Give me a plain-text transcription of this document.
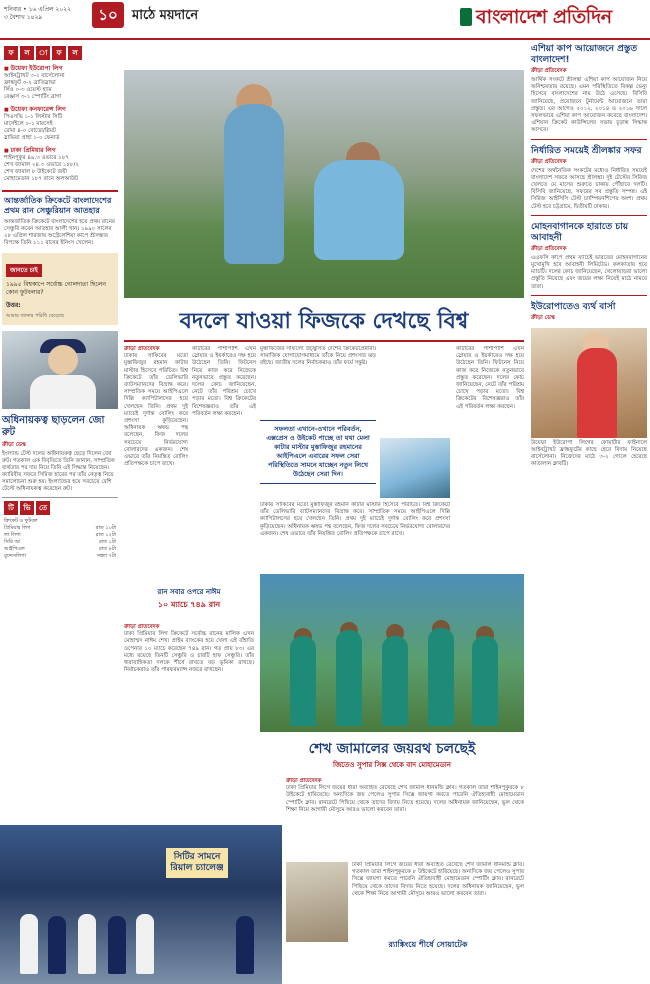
শনিবার • ১৬ এপ্রিল ২০২২
৩ বৈশাখ ১৪২৯	১০	মাঠে ময়দানে	বাংলাদেশ প্রতিদিন
ফ	ল	া	ফ	ল
■ উয়েফা ইউরোপা লিগ
আইনট্রাখট ৩-২ বার্সেলোনা
ফ্রাঙ্কফুর্ট ৩-২ ব্রাতিস্লাভা
লিঁও ০-৩ ওয়েস্ট হ্যাম
রেঞ্জার্স ৩-১ স্পোর্টিং ব্রাগা
■ উয়েফা কনফারেন্স লিগ
পিএসভি ১-১ লিস্টার সিটি
মার্সেইলে ০-১ মারসেই
রোমা ৪-০ বোডো/গ্লিমট
স্লাভিয়া প্রাহা ১-০ ফেনার্ড
■ ঢাকা প্রিমিয়ার লিগ
শাইনপুকুর ৪৯.৩ ওভারে ১৮৭
শেখ জামাল ২৪.৩ ওভারে ১৮৮/২
শেখ জামাল ৮ উইকেটে জয়ী
মোহামেডান ১৮৭ রানে অলআউট
আন্তর্জাতিক ক্রিকেটে বাংলাদেশের প্রথম রান সেঞ্চুরিয়ান আতহার
আন্তর্জাতিক ক্রিকেটে বাংলাদেশের হয়ে প্রথম রানের সেঞ্চুরি করেন আতহার আলী খান। ১৯৯০ সালের ২৮ এপ্রিল শারজায় অস্ট্রেলেশিয়া কাপে শ্রীলঙ্কার বিপক্ষে তিনি ১১১ রানের ইনিংস খেলেন।
জানতে চাই
১৯৯৫ বিশ্বকাপে সর্বোচ্চ গোলদাতা ছিলেন কোন ফুটবলার?
উত্তর:
আমার জানার পরিধি বেড়েছে
অধিনায়কত্ব ছাড়লেন জো রুট
ক্রীড়া ডেস্ক
ইংল্যান্ড টেস্ট দলের অধিনায়কত্ব ছেড়ে দিলেন জো রুট। গতকাল এক বিবৃতিতে তিনি জানান, সাম্প্রতিক ব্যর্থতার পর দায় নিয়ে তিনি এই সিদ্ধান্ত নিয়েছেন। ক্যারিবীয় সফরে সিরিজ হারের পর তাঁর নেতৃত্ব নিয়ে সমালোচনা শুরু হয়। ইংল্যান্ডের হয়ে সবচেয়ে বেশি টেস্টে অধিনায়কত্ব করেছেন রুট।
টি	ভি	তে
ক্রিকেট ও ফুটবল
প্রিমিয়ার লিগ	রাত ১০টা
লা লিগা	রাত ১২টা
সিরি আ	রাত ১টা
আইপিএল	রাত ৮টা
বুন্দেসলিগা	সন্ধ্যা ৭টা
সিটির সামনে রিয়াল চ্যালেঞ্জ
বদলে যাওয়া ফিজকে দেখছে বিশ্ব
ক্রীড়া প্রতিবেদক
ঢাকায় সাকিবের মতো মুস্তাফিজুর রহমান কাটার মাস্টার হিসেবে পরিচিত। বিশ্ব ক্রিকেটে তাঁর ডেলিভারি ব্যাটসম্যানদের বিভ্রান্ত করে। সাম্প্রতিক সময়ে আইপিএলে দিল্লি ক্যাপিটালসের হয়ে খেলছেন তিনি। প্রথম দুই ম্যাচেই দুর্দান্ত বোলিং করে প্রশংসা কুড়িয়েছেন। অধিনায়ক ঋষভ পন্থ বলেছেন, ফিজ দলের সবচেয়ে নির্ভরযোগ্য বোলারদের একজন। শেষ ওভারে তাঁর নিয়ন্ত্রিত বোলিং প্রতিপক্ষকে চাপে রাখে।
কাটারের পাশাপাশি এখন স্লোয়ার ও ইয়র্কারেও দক্ষ হয়ে উঠেছেন তিনি। ফিটনেস নিয়ে কাজ করে নিজেকে নতুনভাবে প্রস্তুত করেছেন। দলের কোচ জানিয়েছেন, নেটে তাঁর পরিশ্রম চোখে পড়ার মতো। বিশ্ব ক্রিকেটের বিশেষজ্ঞরাও তাঁর এই পরিবর্তন লক্ষ্য করছেন।
সফলতা এখানে-ওখানে পরিবর্তন, এক্সপ্রেস ও উইকেট পাচ্ছে তা যথা মেলা কাটার মাস্টার মুস্তাফিজুর রহমানের আইপিএলে এবারের সফল সেরা পরিস্থিতিতে সামনে যাচ্ছেন নতুন লিখে উঠেছেন সেরা দিন।
মুস্তাফিজের সাফল্যে উচ্ছ্বসিত দেশের ক্রিকেটপ্রেমীরা। সামাজিক যোগাযোগমাধ্যমে তাঁকে নিয়ে প্রশংসার ঝড় বইছে। জাতীয় দলের নির্বাচকরাও তাঁর ফর্মে সন্তুষ্ট।
কাটারের পাশাপাশি এখন স্লোয়ার ও ইয়র্কারেও দক্ষ হয়ে উঠেছেন তিনি। ফিটনেস নিয়ে কাজ করে নিজেকে নতুনভাবে প্রস্তুত করেছেন। দলের কোচ জানিয়েছেন, নেটে তাঁর পরিশ্রম চোখে পড়ার মতো। বিশ্ব ক্রিকেটের বিশেষজ্ঞরাও তাঁর এই পরিবর্তন লক্ষ্য করছেন।
ঢাকায় সাকিবের মতো মুস্তাফিজুর রহমান কাটার মাস্টার হিসেবে পরিচিত। বিশ্ব ক্রিকেটে তাঁর ডেলিভারি ব্যাটসম্যানদের বিভ্রান্ত করে। সাম্প্রতিক সময়ে আইপিএলে দিল্লি ক্যাপিটালসের হয়ে খেলছেন তিনি। প্রথম দুই ম্যাচেই দুর্দান্ত বোলিং করে প্রশংসা কুড়িয়েছেন। অধিনায়ক ঋষভ পন্থ বলেছেন, ফিজ দলের সবচেয়ে নির্ভরযোগ্য বোলারদের একজন। শেষ ওভারে তাঁর নিয়ন্ত্রিত বোলিং প্রতিপক্ষকে চাপে রাখে।
রান সবার ওপরে নাঈম
১০ ম্যাচে ৭৪৯ রান
ক্রীড়া প্রতিবেদক
ঢাকা প্রিমিয়ার লিগ ক্রিকেটে সর্বোচ্চ রানের মালিক এখন মোহাম্মদ নাঈম শেখ। প্রাইম ব্যাংকের হয়ে খেলা এই বাঁহাতি ওপেনার ১০ ম্যাচে করেছেন ৭৪৯ রান। গড় প্রায় ৮৩। এর মধ্যে রয়েছে তিনটি সেঞ্চুরি ও চারটি হাফ সেঞ্চুরি। তাঁর ধারাবাহিকতা দলকে শীর্ষে রাখতে বড় ভূমিকা রাখছে। নির্বাচকরাও তাঁর পারফরম্যান্স নজরে রাখছেন।
শেখ জামালের জয়রথ চলছেই
জিতেও সুপার সিক্স থেকে বাদ মোহামেডান
ক্রীড়া প্রতিবেদক
ঢাকা প্রিমিয়ার লিগে জয়ের ধারা অব্যাহত রেখেছে শেখ জামাল ধানমন্ডি ক্লাব। গতকাল তারা শাইনপুকুরকে ৮ উইকেটে হারিয়েছে। অন্যদিকে জয় পেলেও সুপার সিক্সে জায়গা করতে পারেনি ঐতিহ্যবাহী মোহামেডান স্পোর্টিং ক্লাব। রানরেটে পিছিয়ে থেকে তাদের বিদায় নিতে হয়েছে। দলের অধিনায়ক জানিয়েছেন, ভুল থেকে শিক্ষা নিয়ে আগামী মৌসুমে আরও ভালো করবেন তারা।
ঢাকা প্রিমিয়ার লিগে জয়ের ধারা অব্যাহত রেখেছে শেখ জামাল ধানমন্ডি ক্লাব। গতকাল তারা শাইনপুকুরকে ৮ উইকেটে হারিয়েছে। অন্যদিকে জয় পেলেও সুপার সিক্সে জায়গা করতে পারেনি ঐতিহ্যবাহী মোহামেডান স্পোর্টিং ক্লাব। রানরেটে পিছিয়ে থেকে তাদের বিদায় নিতে হয়েছে। দলের অধিনায়ক জানিয়েছেন, ভুল থেকে শিক্ষা নিয়ে আগামী মৌসুমে আরও ভালো করবেন তারা।
র‍্যাঙ্কিংয়ে শীর্ষে সোয়াটেক
এশিয়া কাপ আয়োজনে প্রস্তুত বাংলাদেশ!
ক্রীড়া প্রতিবেদক
আর্থিক সংকটে শ্রীলঙ্কা এশিয়া কাপ আয়োজন নিয়ে অনিশ্চয়তায় রয়েছে। এমন পরিস্থিতিতে বিকল্প ভেন্যু হিসেবে বাংলাদেশের নাম উঠে এসেছে। বিসিবি জানিয়েছে, প্রয়োজনে টুর্নামেন্ট আয়োজনে তারা প্রস্তুত। এর আগেও ২০১২, ২০১৪ ও ২০১৬ সালে সফলভাবে এশিয়া কাপ আয়োজন করেছে বাংলাদেশ। এশিয়ান ক্রিকেট কাউন্সিলের সভায় চূড়ান্ত সিদ্ধান্ত আসবে।
নির্ধারিত সময়েই শ্রীলঙ্কার সফর
ক্রীড়া প্রতিবেদক
দেশের অর্থনৈতিক সংকটের মধ্যেও নির্ধারিত সময়েই বাংলাদেশ সফরে আসছে শ্রীলঙ্কা। দুই টেস্টের সিরিজ খেলতে মে মাসের শুরুতে ঢাকায় পৌঁছাবে দলটি। বিসিবি জানিয়েছে, সফরের সব প্রস্তুতি সম্পন্ন। এই সিরিজ আইসিসি টেস্ট চ্যাম্পিয়নশিপের অংশ। প্রথম টেস্ট হবে চট্টগ্রামে, দ্বিতীয়টি ঢাকায়।
মোহনবাগানকে হারাতে চায় আবাহনী
ক্রীড়া প্রতিবেদক
এএফসি কাপে প্রথম ম্যাচেই ভারতের মোহনবাগানের মুখোমুখি হবে আবাহনী লিমিটেড। কলকাতায় হবে ম্যাচটি। দলের কোচ জানিয়েছেন, খেলোয়াড়রা ভালো প্রস্তুতি নিয়েছে এবং জয়ের লক্ষ্য নিয়েই মাঠে নামবে তারা।
ইউরোপাতেও ব্যর্থ বার্সা
ক্রীড়া ডেস্ক
উয়েফা ইউরোপা লিগের কোয়ার্টার ফাইনালে আইনট্রাখট ফ্রাঙ্কফুর্টের কাছে হেরে বিদায় নিয়েছে বার্সেলোনা। নিজেদের মাঠে ৩-২ গোলে হেরেছে কাতালান ক্লাবটি।
